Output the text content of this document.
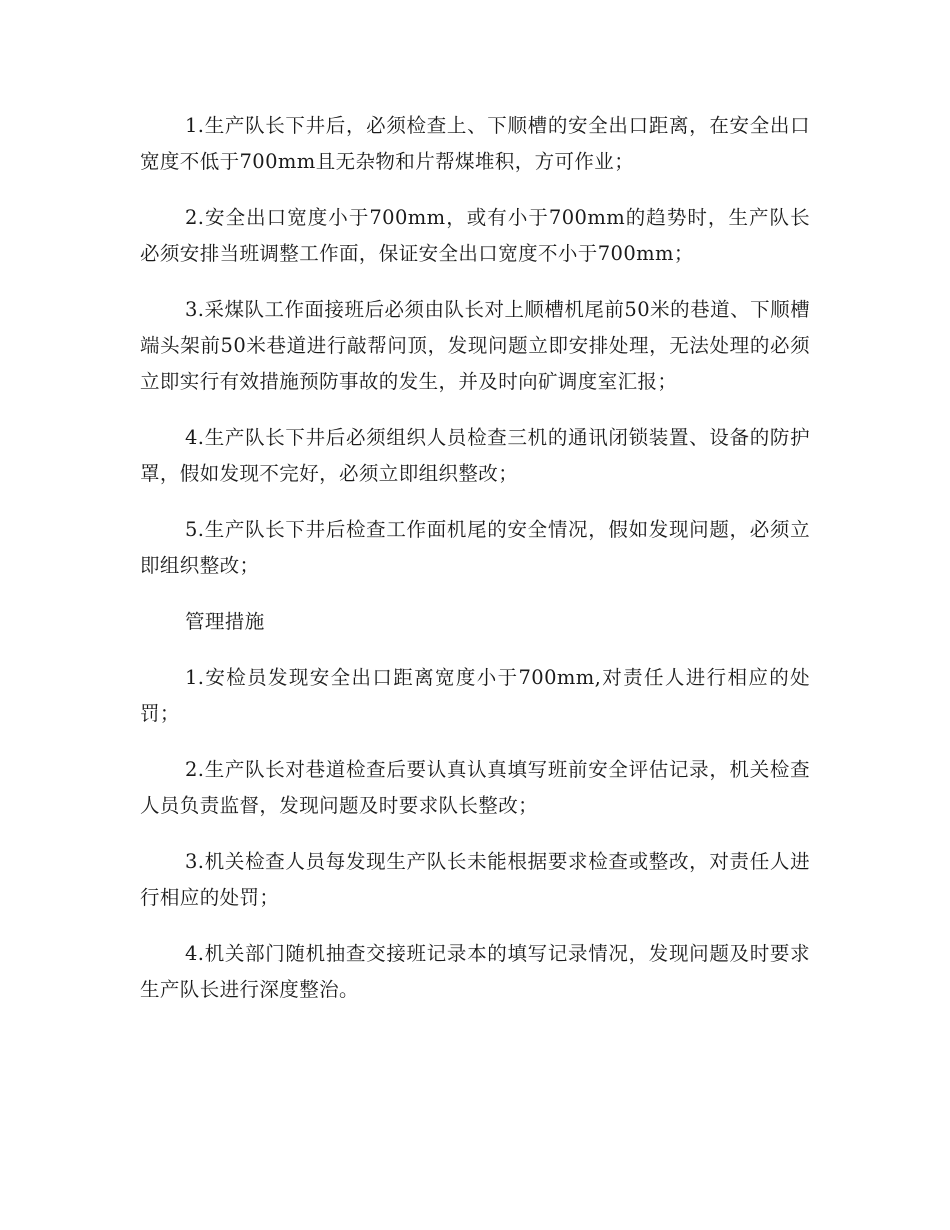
1.生产队长下井后，必须检查上、下顺槽的安全出口距离，在安全出口宽度不低于700mm且无杂物和片帮煤堆积，方可作业；

2.安全出口宽度小于700mm，或有小于700mm的趋势时，生产队长必须安排当班调整工作面，保证安全出口宽度不小于700mm；

3.采煤队工作面接班后必须由队长对上顺槽机尾前50米的巷道、下顺槽端头架前50米巷道进行敲帮问顶，发现问题立即安排处理，无法处理的必须立即实行有效措施预防事故的发生，并及时向矿调度室汇报；

4.生产队长下井后必须组织人员检查三机的通讯闭锁装置、设备的防护罩，假如发现不完好，必须立即组织整改；

5.生产队长下井后检查工作面机尾的安全情况，假如发现问题，必须立即组织整改；

管理措施

1.安检员发现安全出口距离宽度小于700mm,对责任人进行相应的处罚；

2.生产队长对巷道检查后要认真认真填写班前安全评估记录，机关检查人员负责监督，发现问题及时要求队长整改；

3.机关检查人员每发现生产队长未能根据要求检查或整改，对责任人进行相应的处罚；

4.机关部门随机抽查交接班记录本的填写记录情况，发现问题及时要求生产队长进行深度整治。
